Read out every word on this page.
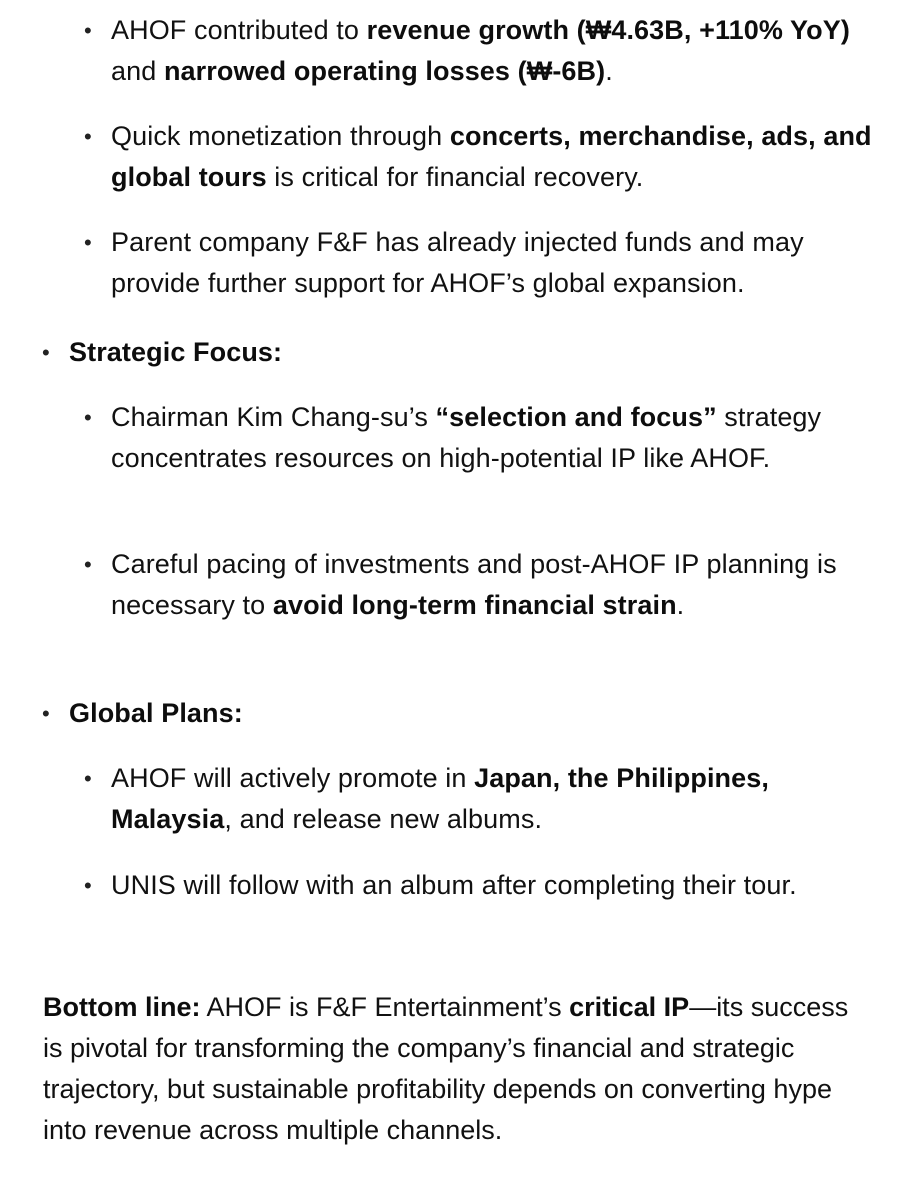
• AHOF contributed to revenue growth (₩4.63B, +110% YoY) and narrowed operating losses (₩-6B).
• Quick monetization through concerts, merchandise, ads, and global tours is critical for financial recovery.
• Parent company F&F has already injected funds and may provide further support for AHOF’s global expansion.
• Strategic Focus:
• Chairman Kim Chang-su’s “selection and focus” strategy concentrates resources on high-potential IP like AHOF.
• Careful pacing of investments and post-AHOF IP planning is necessary to avoid long-term financial strain.
• Global Plans:
• AHOF will actively promote in Japan, the Philippines, Malaysia, and release new albums.
• UNIS will follow with an album after completing their tour.
Bottom line: AHOF is F&F Entertainment’s critical IP—its success is pivotal for transforming the company’s financial and strategic trajectory, but sustainable profitability depends on converting hype into revenue across multiple channels.
